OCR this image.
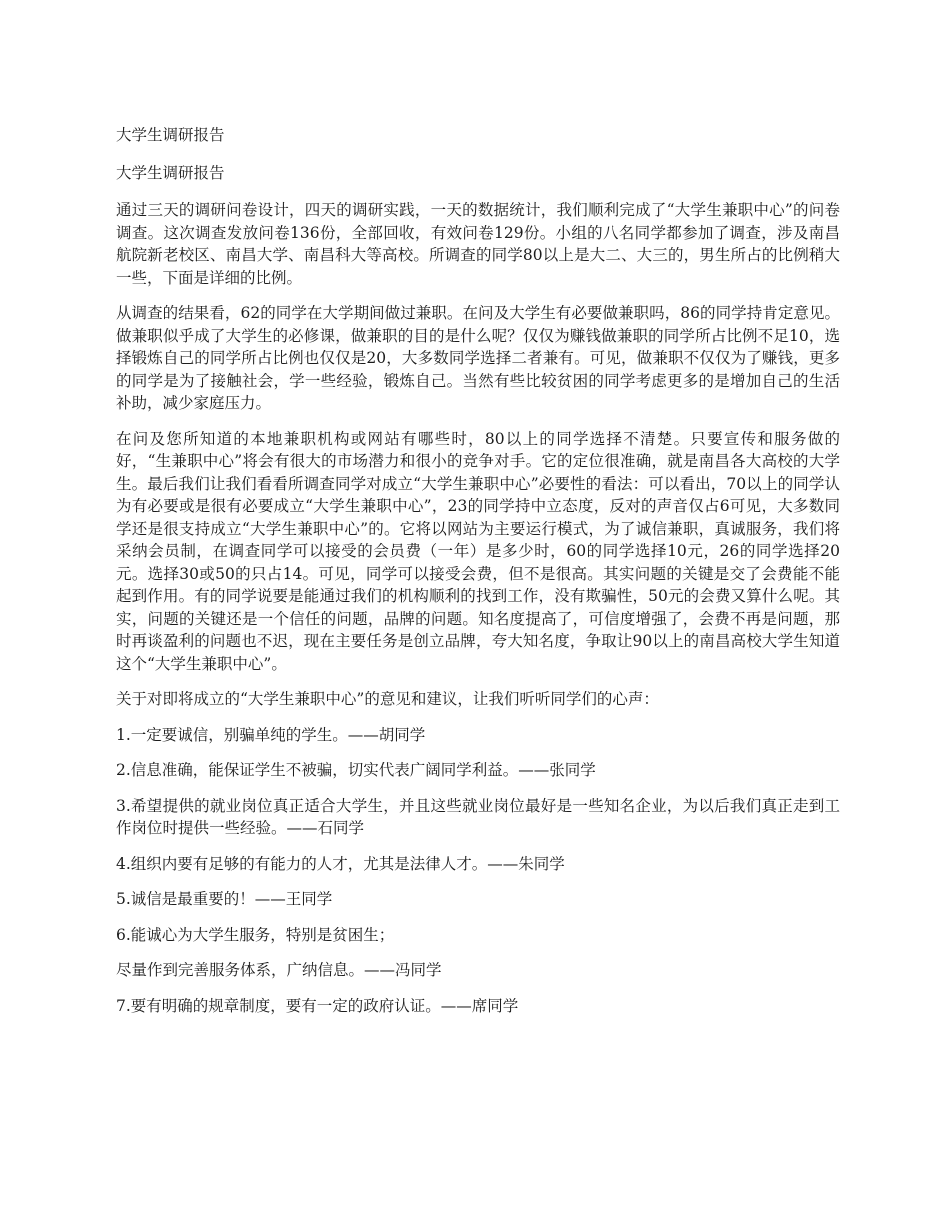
大学生调研报告

大学生调研报告

通过三天的调研问卷设计，四天的调研实践，一天的数据统计，我们顺利完成了“大学生兼职中心”的问卷调查。这次调查发放问卷136份，全部回收，有效问卷129份。小组的八名同学都参加了调查，涉及南昌航院新老校区、南昌大学、南昌科大等高校。所调查的同学80以上是大二、大三的，男生所占的比例稍大一些，下面是详细的比例。

从调查的结果看，62的同学在大学期间做过兼职。在问及大学生有必要做兼职吗，86的同学持肯定意见。做兼职似乎成了大学生的必修课，做兼职的目的是什么呢？仅仅为赚钱做兼职的同学所占比例不足10，选择锻炼自己的同学所占比例也仅仅是20，大多数同学选择二者兼有。可见，做兼职不仅仅为了赚钱，更多的同学是为了接触社会，学一些经验，锻炼自己。当然有些比较贫困的同学考虑更多的是增加自己的生活补助，减少家庭压力。

在问及您所知道的本地兼职机构或网站有哪些时，80以上的同学选择不清楚。只要宣传和服务做的好，“生兼职中心”将会有很大的市场潜力和很小的竞争对手。它的定位很准确，就是南昌各大高校的大学生。最后我们让我们看看所调查同学对成立“大学生兼职中心”必要性的看法：可以看出，70以上的同学认为有必要或是很有必要成立“大学生兼职中心”，23的同学持中立态度，反对的声音仅占6可见，大多数同学还是很支持成立“大学生兼职中心”的。它将以网站为主要运行模式，为了诚信兼职，真诚服务，我们将采纳会员制，在调查同学可以接受的会员费（一年）是多少时，60的同学选择10元，26的同学选择20元。选择30或50的只占14。可见，同学可以接受会费，但不是很高。其实问题的关键是交了会费能不能起到作用。有的同学说要是能通过我们的机构顺利的找到工作，没有欺骗性，50元的会费又算什么呢。其实，问题的关键还是一个信任的问题，品牌的问题。知名度提高了，可信度增强了，会费不再是问题，那时再谈盈利的问题也不迟，现在主要任务是创立品牌，夸大知名度，争取让90以上的南昌高校大学生知道这个“大学生兼职中心”。

关于对即将成立的“大学生兼职中心”的意见和建议，让我们听听同学们的心声：

1.一定要诚信，别骗单纯的学生。——胡同学

2.信息准确，能保证学生不被骗，切实代表广阔同学利益。——张同学

3.希望提供的就业岗位真正适合大学生，并且这些就业岗位最好是一些知名企业，为以后我们真正走到工作岗位时提供一些经验。——石同学

4.组织内要有足够的有能力的人才，尤其是法律人才。——朱同学

5.诚信是最重要的！——王同学

6.能诚心为大学生服务，特别是贫困生；

尽量作到完善服务体系，广纳信息。——冯同学

7.要有明确的规章制度，要有一定的政府认证。——席同学
